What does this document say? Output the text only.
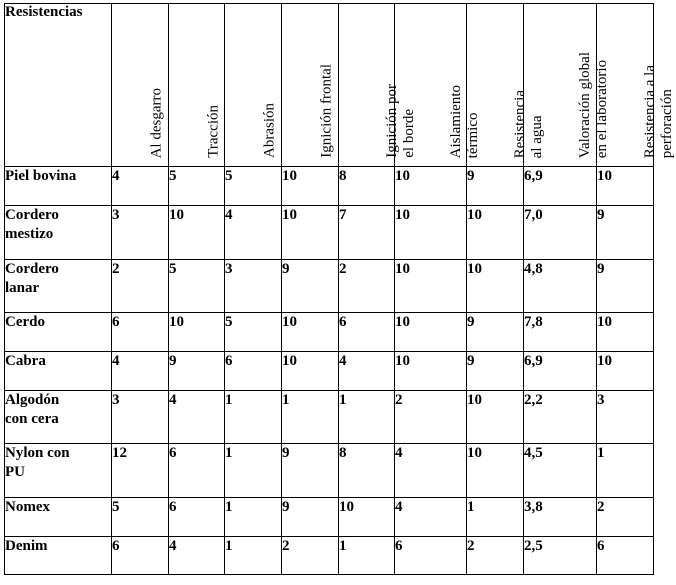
Resistencias	Al desgarro	Tracción	Abrasión	Ignición frontal	Ignición por
el borde	Aislamiento
térmico	Resistencia
al agua	Valoración global
en el laboratorio	Resistencia a la
perforación

Piel bovina	4	5	5	10	8	10	9	6,9	10
Cordero
mestizo	3	10	4	10	7	10	10	7,0	9
Cordero
lanar	2	5	3	9	2	10	10	4,8	9
Cerdo	6	10	5	10	6	10	9	7,8	10
Cabra	4	9	6	10	4	10	9	6,9	10
Algodón
con cera	3	4	1	1	1	2	10	2,2	3
Nylon con
PU	12	6	1	9	8	4	10	4,5	1
Nomex	5	6	1	9	10	4	1	3,8	2
Denim	6	4	1	2	1	6	2	2,5	6
